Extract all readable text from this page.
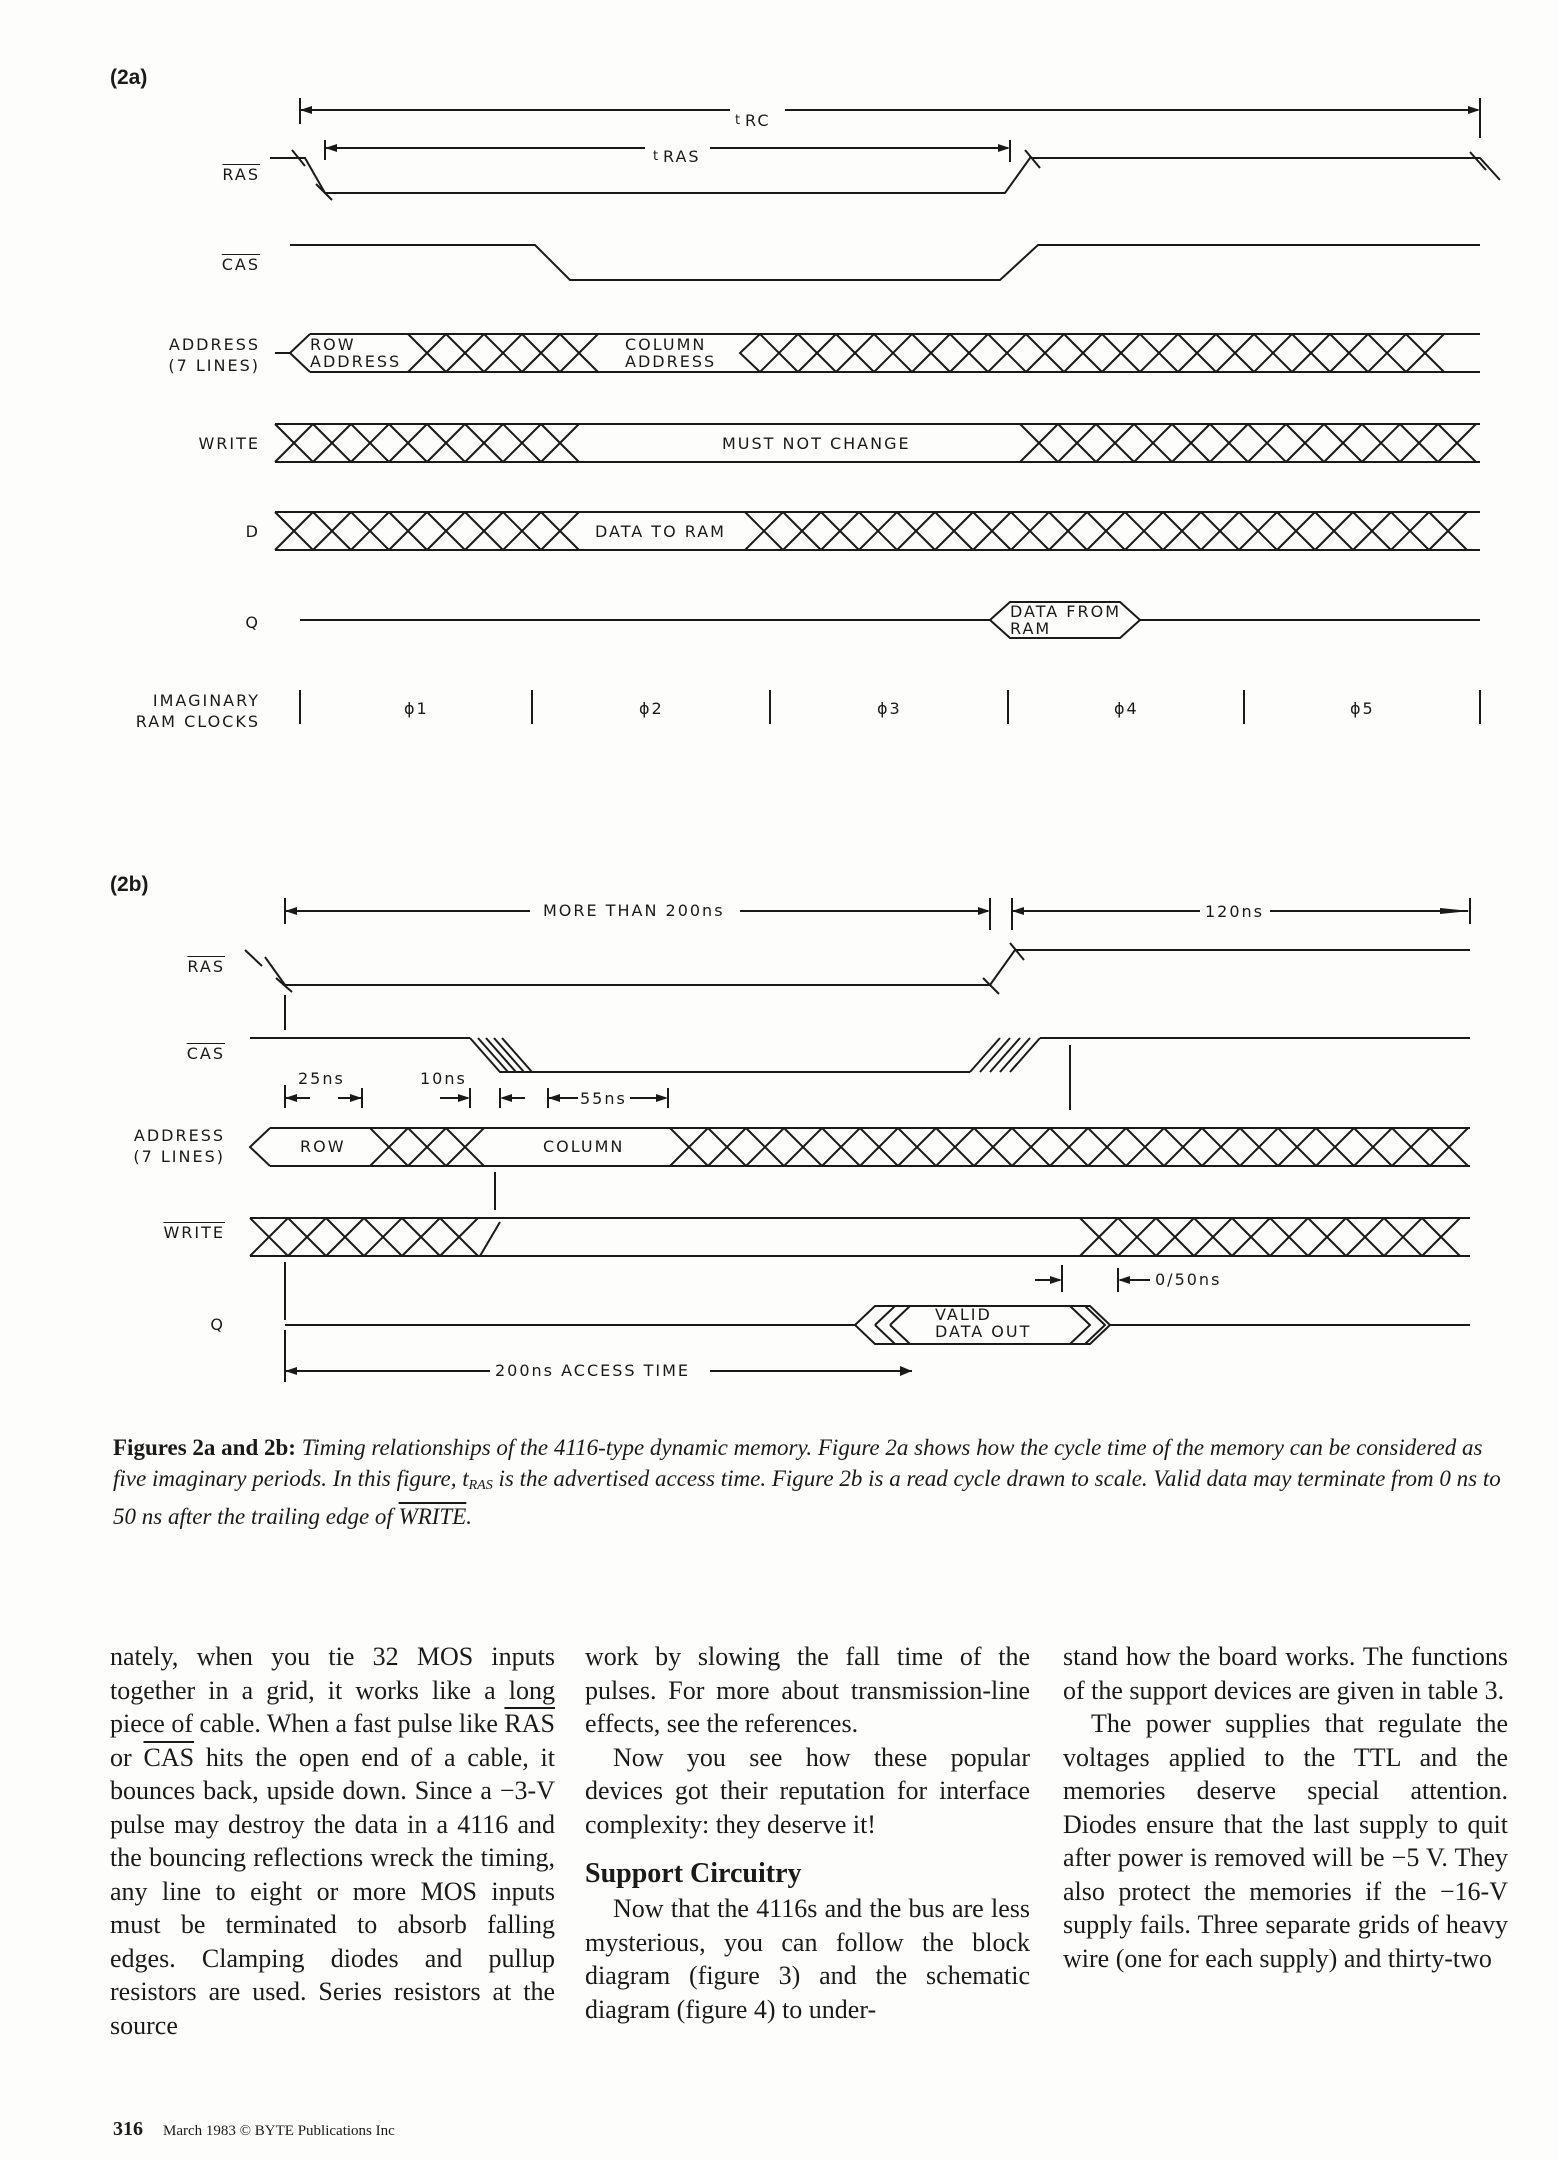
(2a)
$\overline{RAS}$
$\overline{CAS}$
ADDRESS
(7 LINES)
WRITE
D
Q
IMAGINARY
RAM CLOCKS
(2b)
$\overline{RAS}$
$\overline{CAS}$
ADDRESS
(7 LINES)
WRITE
Q
t RC
t RAS
ROW
ADDRESS
COLUMN
ADDRESS
MUST NOT CHANGE
DATA TO RAM
DATA FROM
RAM
ϕ1	ϕ2	ϕ3	ϕ4	ϕ5
MORE THAN 200ns	120ns
25ns	10ns
55ns
ROW	COLUMN
0/50ns
VALID
DATA OUT
200ns ACCESS TIME
Figures 2a and 2b: Timing relationships of the 4116-type dynamic memory. Figure 2a shows how the cycle time of the memory can be considered as five imaginary periods. In this figure, tRAS is the advertised access time. Figure 2b is a read cycle drawn to scale. Valid data may terminate from 0 ns to 50 ns after the trailing edge of WRITE.

nately, when you tie 32 MOS inputs together in a grid, it works like a long piece of cable. When a fast pulse like $\overline{RAS}$ or $\overline{CAS}$ hits the open end of a cable, it bounces back, upside down. Since a −3-V pulse may destroy the data in a 4116 and the bouncing reflections wreck the timing, any line to eight or more MOS inputs must be terminated to absorb falling edges. Clamping diodes and pullup resistors are used. Series resistors at the source

work by slowing the fall time of the pulses. For more about transmission-line effects, see the references.

Now you see how these popular devices got their reputation for interface complexity: they deserve it!

Support Circuitry

Now that the 4116s and the bus are less mysterious, you can follow the block diagram (figure 3) and the schematic diagram (figure 4) to under-

stand how the board works. The functions of the support devices are given in table 3.

The power supplies that regulate the voltages applied to the TTL and the memories deserve special attention. Diodes ensure that the last supply to quit after power is removed will be −5 V. They also protect the memories if the −16-V supply fails. Three separate grids of heavy wire (one for each supply) and thirty-two

316 March 1983 © BYTE Publications Inc
